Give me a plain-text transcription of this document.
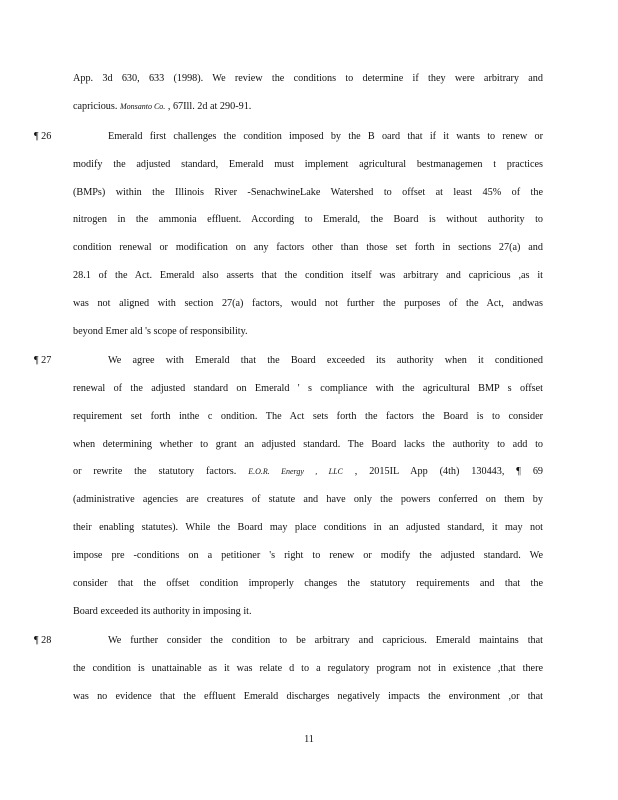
App. 3d 630, 633 (1998). We review the conditions to determine if they were arbitrary and
capricious. Monsanto Co. , 67Ill. 2d at 290-91.
¶ 26	Emerald first challenges the condition imposed by the B oard that if it wants to renew or
modify the adjusted standard, Emerald must implement agricultural bestmanagemen t practices
(BMPs) within the Illinois River -SenachwineLake Watershed to offset at least 45% of the
nitrogen in the ammonia effluent. According to Emerald, the Board is without authority to
condition renewal or modification on any factors other than those set forth in sections 27(a) and
28.1 of the Act. Emerald also asserts that the condition itself was arbitrary and capricious ,as it
was not aligned with section 27(a) factors, would not further the purposes of the Act, andwas
beyond Emer ald 's scope of responsibility.
¶ 27	We agree with Emerald that the Board exceeded its authority when it conditioned
renewal of the adjusted standard on Emerald ' s compliance with the agricultural BMP s offset
requirement set forth inthe c ondition. The Act sets forth the factors the Board is to consider
when determining whether to grant an adjusted standard. The Board lacks the authority to add to
or rewrite the statutory factors. E.O.R. Energy , LLC , 2015IL App (4th) 130443, ¶ 69
(administrative agencies are creatures of statute and have only the powers conferred on them by
their enabling statutes). While the Board may place conditions in an adjusted standard, it may not
impose pre -conditions on a petitioner 's right to renew or modify the adjusted standard. We
consider that the offset condition improperly changes the statutory requirements and that the
Board exceeded its authority in imposing it.
¶ 28	We further consider the condition to be arbitrary and capricious. Emerald maintains that
the condition is unattainable as it was relate d to a regulatory program not in existence ,that there
was no evidence that the effluent Emerald discharges negatively impacts the environment ,or that
11
